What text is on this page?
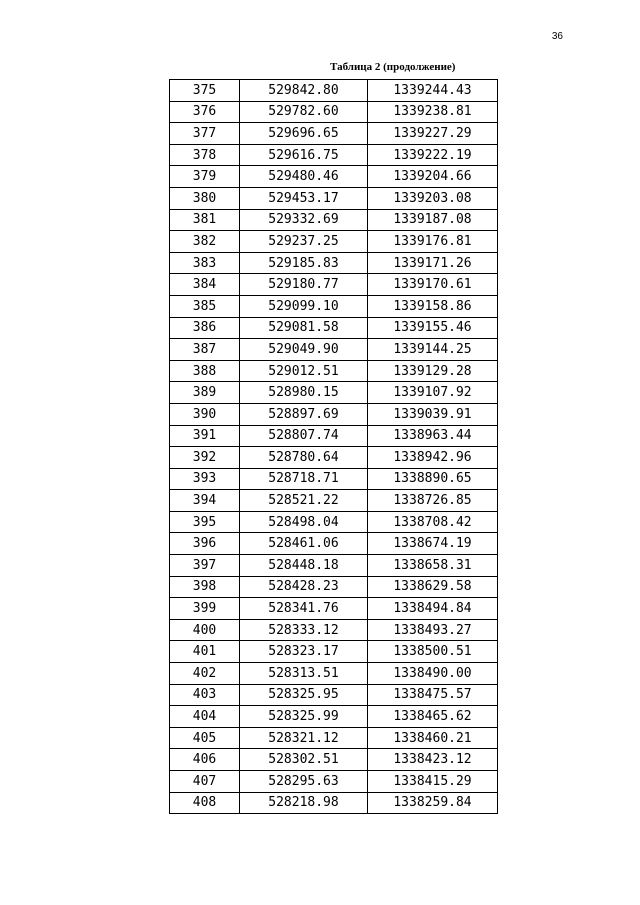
36
Таблица 2 (продолжение)
375	529842.80	1339244.43
376	529782.60	1339238.81
377	529696.65	1339227.29
378	529616.75	1339222.19
379	529480.46	1339204.66
380	529453.17	1339203.08
381	529332.69	1339187.08
382	529237.25	1339176.81
383	529185.83	1339171.26
384	529180.77	1339170.61
385	529099.10	1339158.86
386	529081.58	1339155.46
387	529049.90	1339144.25
388	529012.51	1339129.28
389	528980.15	1339107.92
390	528897.69	1339039.91
391	528807.74	1338963.44
392	528780.64	1338942.96
393	528718.71	1338890.65
394	528521.22	1338726.85
395	528498.04	1338708.42
396	528461.06	1338674.19
397	528448.18	1338658.31
398	528428.23	1338629.58
399	528341.76	1338494.84
400	528333.12	1338493.27
401	528323.17	1338500.51
402	528313.51	1338490.00
403	528325.95	1338475.57
404	528325.99	1338465.62
405	528321.12	1338460.21
406	528302.51	1338423.12
407	528295.63	1338415.29
408	528218.98	1338259.84
